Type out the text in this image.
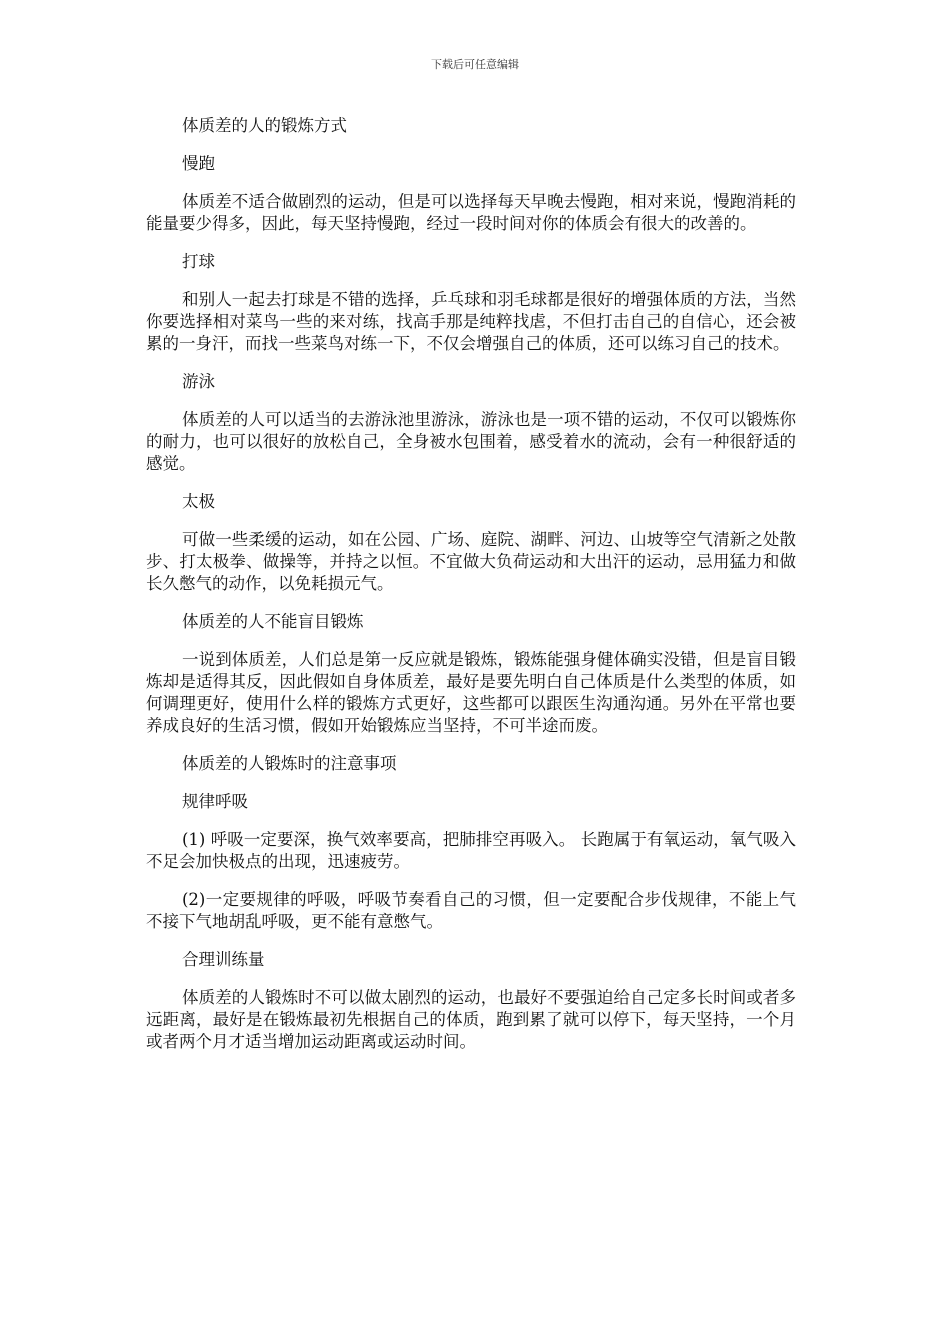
下载后可任意编辑

体质差的人的锻炼方式

慢跑

体质差不适合做剧烈的运动，但是可以选择每天早晚去慢跑，相对来说，慢跑消耗的能量要少得多，因此，每天坚持慢跑，经过一段时间对你的体质会有很大的改善的。

打球

和别人一起去打球是不错的选择，乒乓球和羽毛球都是很好的增强体质的方法，当然你要选择相对菜鸟一些的来对练，找高手那是纯粹找虐，不但打击自己的自信心，还会被累的一身汗，而找一些菜鸟对练一下，不仅会增强自己的体质，还可以练习自己的技术。

游泳

体质差的人可以适当的去游泳池里游泳，游泳也是一项不错的运动，不仅可以锻炼你的耐力，也可以很好的放松自己，全身被水包围着，感受着水的流动，会有一种很舒适的感觉。

太极

可做一些柔缓的运动，如在公园、广场、庭院、湖畔、河边、山坡等空气清新之处散步、打太极拳、做操等，并持之以恒。不宜做大负荷运动和大出汗的运动，忌用猛力和做长久憋气的动作，以免耗损元气。

体质差的人不能盲目锻炼

一说到体质差，人们总是第一反应就是锻炼，锻炼能强身健体确实没错，但是盲目锻炼却是适得其反，因此假如自身体质差，最好是要先明白自己体质是什么类型的体质，如何调理更好，使用什么样的锻炼方式更好，这些都可以跟医生沟通沟通。另外在平常也要养成良好的生活习惯，假如开始锻炼应当坚持，不可半途而废。

体质差的人锻炼时的注意事项

规律呼吸

(1) 呼吸一定要深，换气效率要高，把肺排空再吸入。 长跑属于有氧运动，氧气吸入不足会加快极点的出现，迅速疲劳。

(2)一定要规律的呼吸，呼吸节奏看自己的习惯，但一定要配合步伐规律，不能上气不接下气地胡乱呼吸，更不能有意憋气。

合理训练量

体质差的人锻炼时不可以做太剧烈的运动，也最好不要强迫给自己定多长时间或者多远距离，最好是在锻炼最初先根据自己的体质，跑到累了就可以停下，每天坚持，一个月或者两个月才适当增加运动距离或运动时间。
